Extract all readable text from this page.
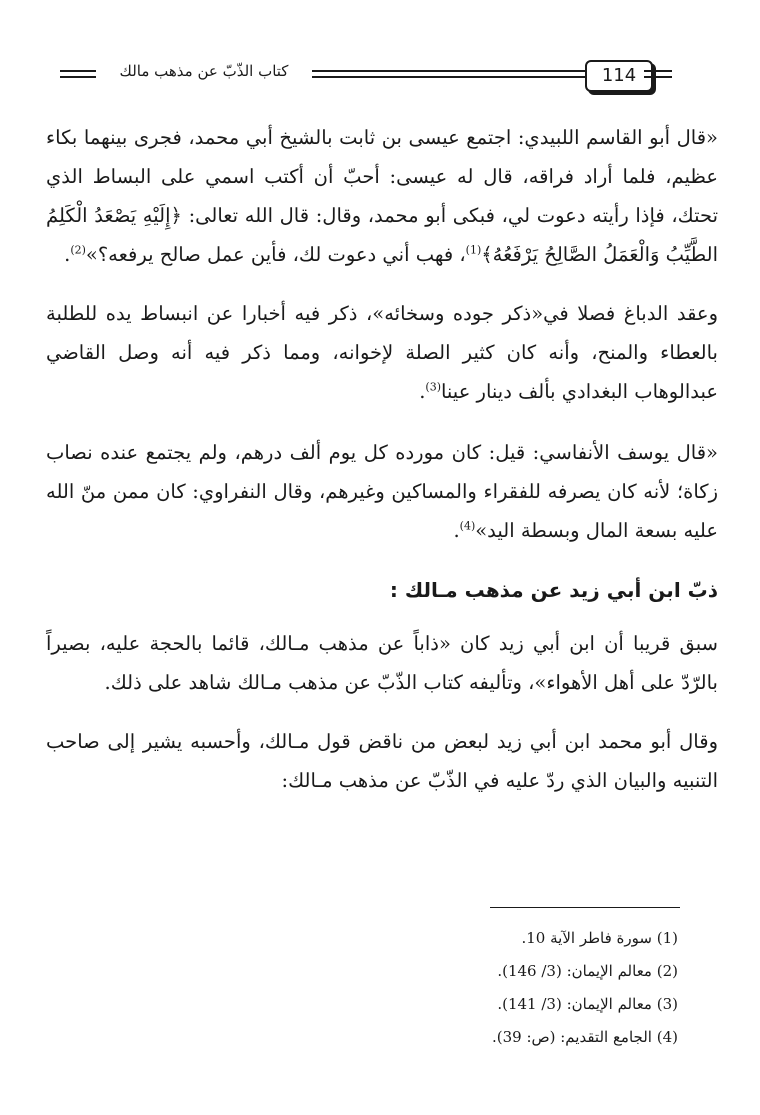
كتاب الذّبّ عن مذهب مالك	114

«قال أبو القاسم اللبيدي: اجتمع عيسى بن ثابت بالشيخ أبي محمد، فجرى بينهما بكاء عظيم، فلما أراد فراقه، قال له عيسى: أحبّ أن أكتب اسمي على البساط الذي تحتك، فإذا رأيته دعوت لي، فبكى أبو محمد، وقال: قال الله تعالى: ﴿إِلَيْهِ يَصْعَدُ الْكَلِمُ الطَّيِّبُ وَالْعَمَلُ الصَّالِحُ يَرْفَعُهُ﴾$^{(1)}$، فهب أني دعوت لك، فأين عمل صالح يرفعه؟»$^{(2)}$.

وعقد الدباغ فصلا في«ذكر جوده وسخائه»، ذكر فيه أخبارا عن انبساط يده للطلبة بالعطاء والمنح، وأنه كان كثير الصلة لإخوانه، ومما ذكر فيه أنه وصل القاضي عبدالوهاب البغدادي بألف دينار عينا$^{(3)}$.

«قال يوسف الأنفاسي: قيل: كان مورده كل يوم ألف درهم، ولم يجتمع عنده نصاب زكاة؛ لأنه كان يصرفه للفقراء والمساكين وغيرهم، وقال النفراوي: كان ممن منّ الله عليه بسعة المال وبسطة اليد»$^{(4)}$.

ذبّ ابن أبي زيد عن مذهب مـالك :

سبق قريبا أن ابن أبي زيد كان «ذاباً عن مذهب مـالك، قائما بالحجة عليه، بصيراً بالرّدّ على أهل الأهواء»، وتأليفه كتاب الذّبّ عن مذهب مـالك شاهد على ذلك.

وقال أبو محمد ابن أبي زيد لبعض من ناقض قول مـالك، وأحسبه يشير إلى صاحب التنبيه والبيان الذي ردّ عليه في الذّبّ عن مذهب مـالك:

(1) سورة فاطر الآية 10.
(2) معالم الإيمان: (3/ 146).
(3) معالم الإيمان: (3/ 141).
(4) الجامع التقديم: (ص: 39).
